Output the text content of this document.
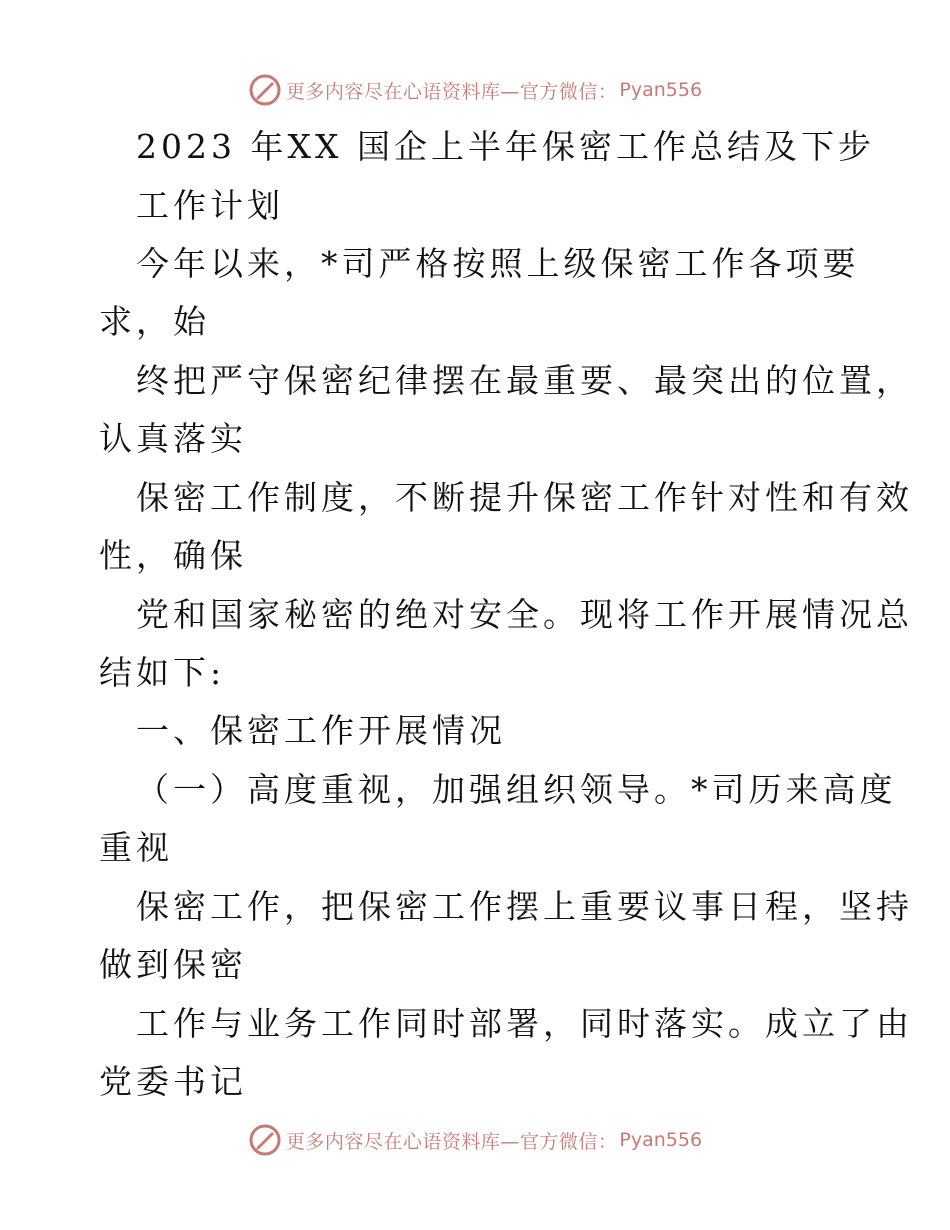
更多内容尽在心语资料库—官方微信： Pyan556
2023 年XX 国企上半年保密工作总结及下步
工作计划
今年以来，*司严格按照上级保密工作各项要
求，始
终把严守保密纪律摆在最重要、最突出的位置，
认真落实
保密工作制度，不断提升保密工作针对性和有效
性，确保
党和国家秘密的绝对安全。现将工作开展情况总
结如下:
一、保密工作开展情况
（一）高度重视，加强组织领导。*司历来高度
重视
保密工作，把保密工作摆上重要议事日程，坚持
做到保密
工作与业务工作同时部署，同时落实。成立了由
党委书记
更多内容尽在心语资料库—官方微信： Pyan556
